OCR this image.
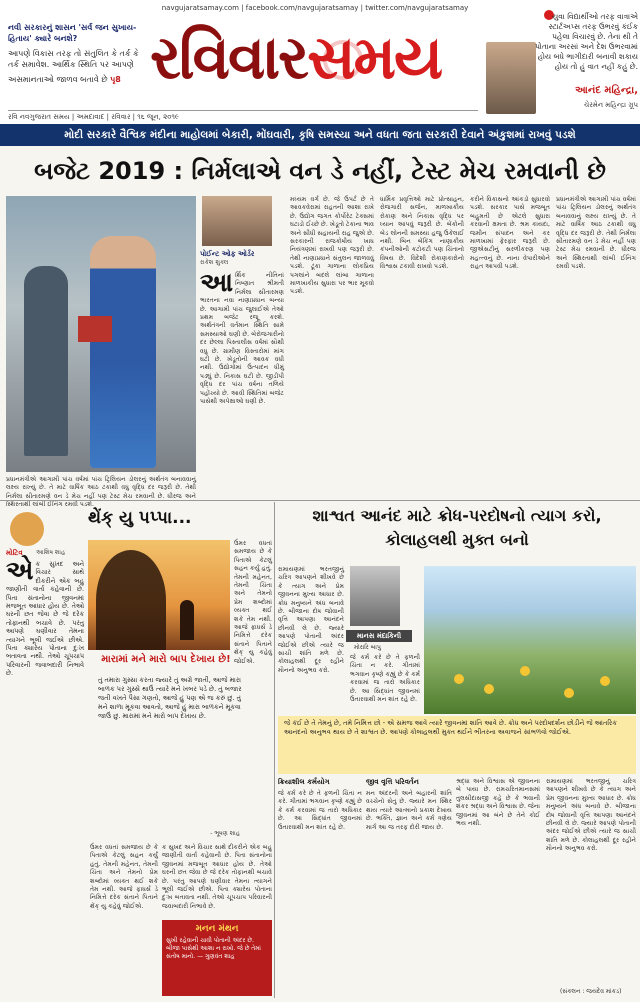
નવી સરકારનું શાસન 'સર્વ જન સુખાય-હિતાય' ક્યારે બનશે?
આપણે વિકાસ તરફ તો સંતુલિત કે તર્ક કે તર્ક સમાવેશ. આર્થિક સ્થિતિ પર આપણે
અસમાનતાઓ જાળવ બતાવે છે પૃ8
navgujaratsamay.com | facebook.com/navgujaratsamay | twitter.com/navgujaratsamay
રવિવારસમય
યુવા વિદ્યાર્થીઓ તરફ વાત્રાએ સ્ટાર્ટઅપ્સ તરફ ઉભરવું કંઈક પહેલા વિચારવું છે. તેના થી તે પોતાના અરસાં અને દેશ ઉભરવામાં હોય બધે ભાગીદારી બનાવી શકાય હોય તો હું વાત નહીં કહું છે.
આનંદ મહિન્દ્રા,
ચેરમેન મહિન્દ્રા ગ્રૂપ
રવિ નવગુજરાત સમય | અમદાવાદ | રવિવાર | ૧૬ જૂન, ૨૦૧૯
મોદી સરકારે વૈશ્વિક મંદીના માહોલમાં બેકારી, મોંઘવારી, કૃષિ સમસ્યા અને વધતા જતા સરકારી દેવાને અંકુશમાં રાખવું પડશે
બજેટ 2019 : નિર્મલાએ વન ડે નહીં, ટેસ્ટ મેચ રમવાની છે
પોઈન્ટ ઓફ ઓર્ડર
રાકેશ શુક્લ
આર્થિક નીતિનાં નિષ્ણાત શ્રીમતી નિર્મલા સીતારમણ ભારતના નવા નાણાપ્રધાન બન્યા છે. આગામી પાંચ જુલાઈએ તેઓ પ્રથમ બજેટ રજૂ કરશે. અર્થતંત્રની વર્તમાન સ્થિતિ સામે સમસ્યાઓ ઘણી છે. બેરોજગારીનો દર છેલ્લા પિસ્તાલીસ વર્ષમાં સૌથી વધુ છે. ગ્રામીણ વિસ્તારોમાં માંગ ઘટી છે. ખેડૂતોની આવક વધી નથી. ઉદ્યોગોમાં ઉત્પાદન ધીમું પડ્યું છે. નિકાસ ઘટી છે. જીડીપી વૃદ્ધિ દર પાંચ વર્ષના તળિયે પહોંચ્યો છે. આવી સ્થિતિમાં બજેટ પાસેથી અપેક્ષાઓ ઘણી છે.
પ્રધાનમંત્રીએ આગામી પાંચ વર્ષમાં પાંચ ટ્રિલિયન ડોલરનું અર્થતંત્ર બનાવવાનું લક્ષ્ય રાખ્યું છે. તે માટે વાર્ષિક આઠ ટકાથી વધુ વૃદ્ધિ દર જરૂરી છે. તેથી નિર્મલા સીતારમણે વન ડે મેચ નહીં પણ ટેસ્ટ મેચ રમવાની છે. ધીરજ અને સ્થિરતાથી લાંબી ઈનિંગ રમવી પડશે.
મધ્યમ વર્ગ છે. જે ઉપર્ટ છે તે આવકવેરામાં રાહતની આશા રાખે છે. ઉદ્યોગ જગત કોર્પોરેટ ટેક્સમાં ઘટાડો ઈચ્છે છે. ખેડૂતો ટેકાના ભાવ અને સીધી સહાયની રાહ જુએ છે. સરકારની રાજકોષીય ખાધ નિયંત્રણમાં રાખવી પણ જરૂરી છે. તેથી નાણાપ્રધાને સંતુલન જાળવવું પડશે. ટૂંકા ગાળાના લોકપ્રિય પગલાંને બદલે લાંબા ગાળાના માળખાકીય સુધારા પર ભાર મૂકવો પડશે.
ધાર્મિક પ્રવૃત્તિઓ માટે પ્રોત્સાહન, રોજગારી સર્જન, માળખાકીય રોકાણ અને નિકાસ વૃદ્ધિ પર ધ્યાન આપવું જરૂરી છે. બેંકોની બેડ લોનની સમસ્યા હજુ ઉકેલાઈ નથી. બિન બેંકિંગ નાણાકીય કંપનીઓની કટોકટી પણ ચિંતાનો વિષય છે. વિદેશી રોકાણકારોનો વિશ્વાસ ટકાવી રાખવો પડશે.
કરીને વિકાસનો આંકડો સુધારવો પડશે. સરકાર પાસે મજબૂત બહુમતી છે એટલે સુધારા કરવાની ક્ષમતા છે. શ્રમ કાયદા, જમીન સંપાદન અને કર માળખામાં ફેરફાર જરૂરી છે. જીએસટીનું સરળીકરણ પણ મહત્ત્વનું છે. નાના વેપારીઓને રાહત આપવી પડશે.
પ્રધાનમંત્રીએ આગામી પાંચ વર્ષમાં પાંચ ટ્રિલિયન ડોલરનું અર્થતંત્ર બનાવવાનું લક્ષ્ય રાખ્યું છે. તે માટે વાર્ષિક આઠ ટકાથી વધુ વૃદ્ધિ દર જરૂરી છે. તેથી નિર્મલા સીતારમણે વન ડે મેચ નહીં પણ ટેસ્ટ મેચ રમવાની છે. ધીરજ અને સ્થિરતાથી લાંબી ઈનિંગ રમવી પડશે.
મોટિવ આશિષ શાહ
થેંક્ યુ પપ્પા...
એક સુખદ અને વિચાર સાથે દીકરીને એક બહુ જાણીતી વાર્તા કહેવાની છે. પિતા સંતાનોના જીવનમાં મજબૂત આધાર હોય છે. તેઓ ઘરની છત જેવા છે જે દરેક તોફાનથી બચાવે છે. પરંતુ આપણે ઘણીવાર તેમના ત્યાગને ભૂલી જઈએ છીએ. પિતા ક્યારેય પોતાના દુઃખ બતાવતા નથી. તેઓ ચૂપચાપ પરિવારની જવાબદારી નિભાવે છે.
ઉંમર વધતાં સમજાય છે કે પિતાએ કેટલું સહન કર્યું હતું. તેમની મહેનત, તેમની ચિંતા અને તેમનો પ્રેમ શબ્દોમાં વ્યક્ત થઈ શકે તેમ નથી. આજે ફાધર્સ ડે નિમિત્તે દરેક સંતાને પિતાને થેંક્ યુ કહેવું જોઈએ.
મારામાં મને મારો બાપ દેખાય છે!
તું તમારા ગુસ્સા કરતા જ્યારે તું અગ્રે જાતી, આજે મારા બાળક પર ગુસ્સે થાઉં ત્યારે મને ખબર પડે છે. તું બજાર જતી વખતે પૈસા ગણતો, આજે હું પણ એ જ કરું છું. તું મને શાળા મૂકવા આવતો, આજે હું મારા બાળકને મૂકવા જાઉં છું. મારામાં મને મારો બાપ દેખાય છે.
- ભૂષણ શાહ
ઉંમર વધતાં સમજાય છે કે પિતાએ કેટલું સહન કર્યું હતું. તેમની મહેનત, તેમની ચિંતા અને તેમનો પ્રેમ શબ્દોમાં વ્યક્ત થઈ શકે તેમ નથી. આજે ફાધર્સ ડે નિમિત્તે દરેક સંતાને પિતાને થેંક્ યુ કહેવું જોઈએ.
ક સુખદ અને વિચાર સાથે દીકરીને એક બહુ જાણીતી વાર્તા કહેવાની છે. પિતા સંતાનોના જીવનમાં મજબૂત આધાર હોય છે. તેઓ ઘરની છત જેવા છે જે દરેક તોફાનથી બચાવે છે. પરંતુ આપણે ઘણીવાર તેમના ત્યાગને ભૂલી જઈએ છીએ. પિતા ક્યારેય પોતાના દુઃખ બતાવતા નથી. તેઓ ચૂપચાપ પરિવારની જવાબદારી નિભાવે છે.
મનન મંથન
સુખી રહેવાની ચાવી પોતાની અંદર છે. બીજા પાસેથી આશા ન રાખો. જે છે તેમાં સંતોષ માનો. — ગુણવંત શાહ
શાશ્વત આનંદ માટે ક્રોધ-પરદોષનો ત્યાગ કરો, કોલાહલથી મુક્ત બનો
રામાયણમાં ભરતજીનું ચરિત્ર આપણને શીખવે છે કે ત્યાગ અને પ્રેમ જીવનના મુખ્ય આધાર છે. ક્રોધ મનુષ્યને અંધ બનાવે છે. બીજાના દોષ જોવાની વૃત્તિ આપણા આનંદને છીનવી લે છે. જ્યારે આપણે પોતાની અંદર જોઈએ છીએ ત્યારે જ સાચી શાંતિ મળે છે. કોલાહલથી દૂર રહીને મૌનનો અનુભવ કરો.
માનસ મંદાકિની
મોરારિ બાપુ
જે કર્મ કરે છે તે ફળની ચિંતા ન કરે. ગીતામાં ભગવાન કૃષ્ણે કહ્યું છે કે કર્મ કરવામાં જ તારો અધિકાર છે. આ સિદ્ધાંત જીવનમાં ઉતારવાથી મન શાંત રહે છે.
જે કંઈ છે તે તેમનું છે, તમે નિમિત્ત છો - એ સમજ આવે ત્યારે જીવનમાં શાંતિ આવે છે. ક્રોધ અને પરદોષદર્શન છોડીને જે આંતરિક આનંદનો અનુભવ થાય છે તે શાશ્વત છે. આપણે કોલાહલથી મુક્ત થઈને ભીતરના અવાજને સાંભળવો જોઈએ.
ક્રિયાશીલ કર્મયોગ
જે કર્મ કરે છે તે ફળની ચિંતા ન કરે. ગીતામાં ભગવાન કૃષ્ણે કહ્યું છે કે કર્મ કરવામાં જ તારો અધિકાર છે. આ સિદ્ધાંત જીવનમાં ઉતારવાથી મન શાંત રહે છે.
જીવ વૃત્તિ પરિવર્તન
મન અંદરની અને બહારની શાંતિ વચ્ચેનો સેતુ છે. જ્યારે મન સ્થિર થાય ત્યારે આત્માનો પ્રકાશ દેખાય છે. ભક્તિ, જ્ઞાન અને કર્મ ત્રણેય માર્ગ આ જ તરફ દોરી જાય છે.
શ્રદ્ધા અને વિશ્વાસ એ જીવનના બે પાયા છે. રામચરિતમાનસમાં તુલસીદાસજી કહે છે કે ભવાની શંકર શ્રદ્ધા અને વિશ્વાસ છે. જેના જીવનમાં આ બંને છે તેને કોઈ ભય નથી.
રામાયણમાં ભરતજીનું ચરિત્ર આપણને શીખવે છે કે ત્યાગ અને પ્રેમ જીવનના મુખ્ય આધાર છે. ક્રોધ મનુષ્યને અંધ બનાવે છે. બીજાના દોષ જોવાની વૃત્તિ આપણા આનંદને છીનવી લે છે. જ્યારે આપણે પોતાની અંદર જોઈએ છીએ ત્યારે જ સાચી શાંતિ મળે છે. કોલાહલથી દૂર રહીને મૌનનો અનુભવ કરો.
(સંકલન : જયદેવ માંકડ)
